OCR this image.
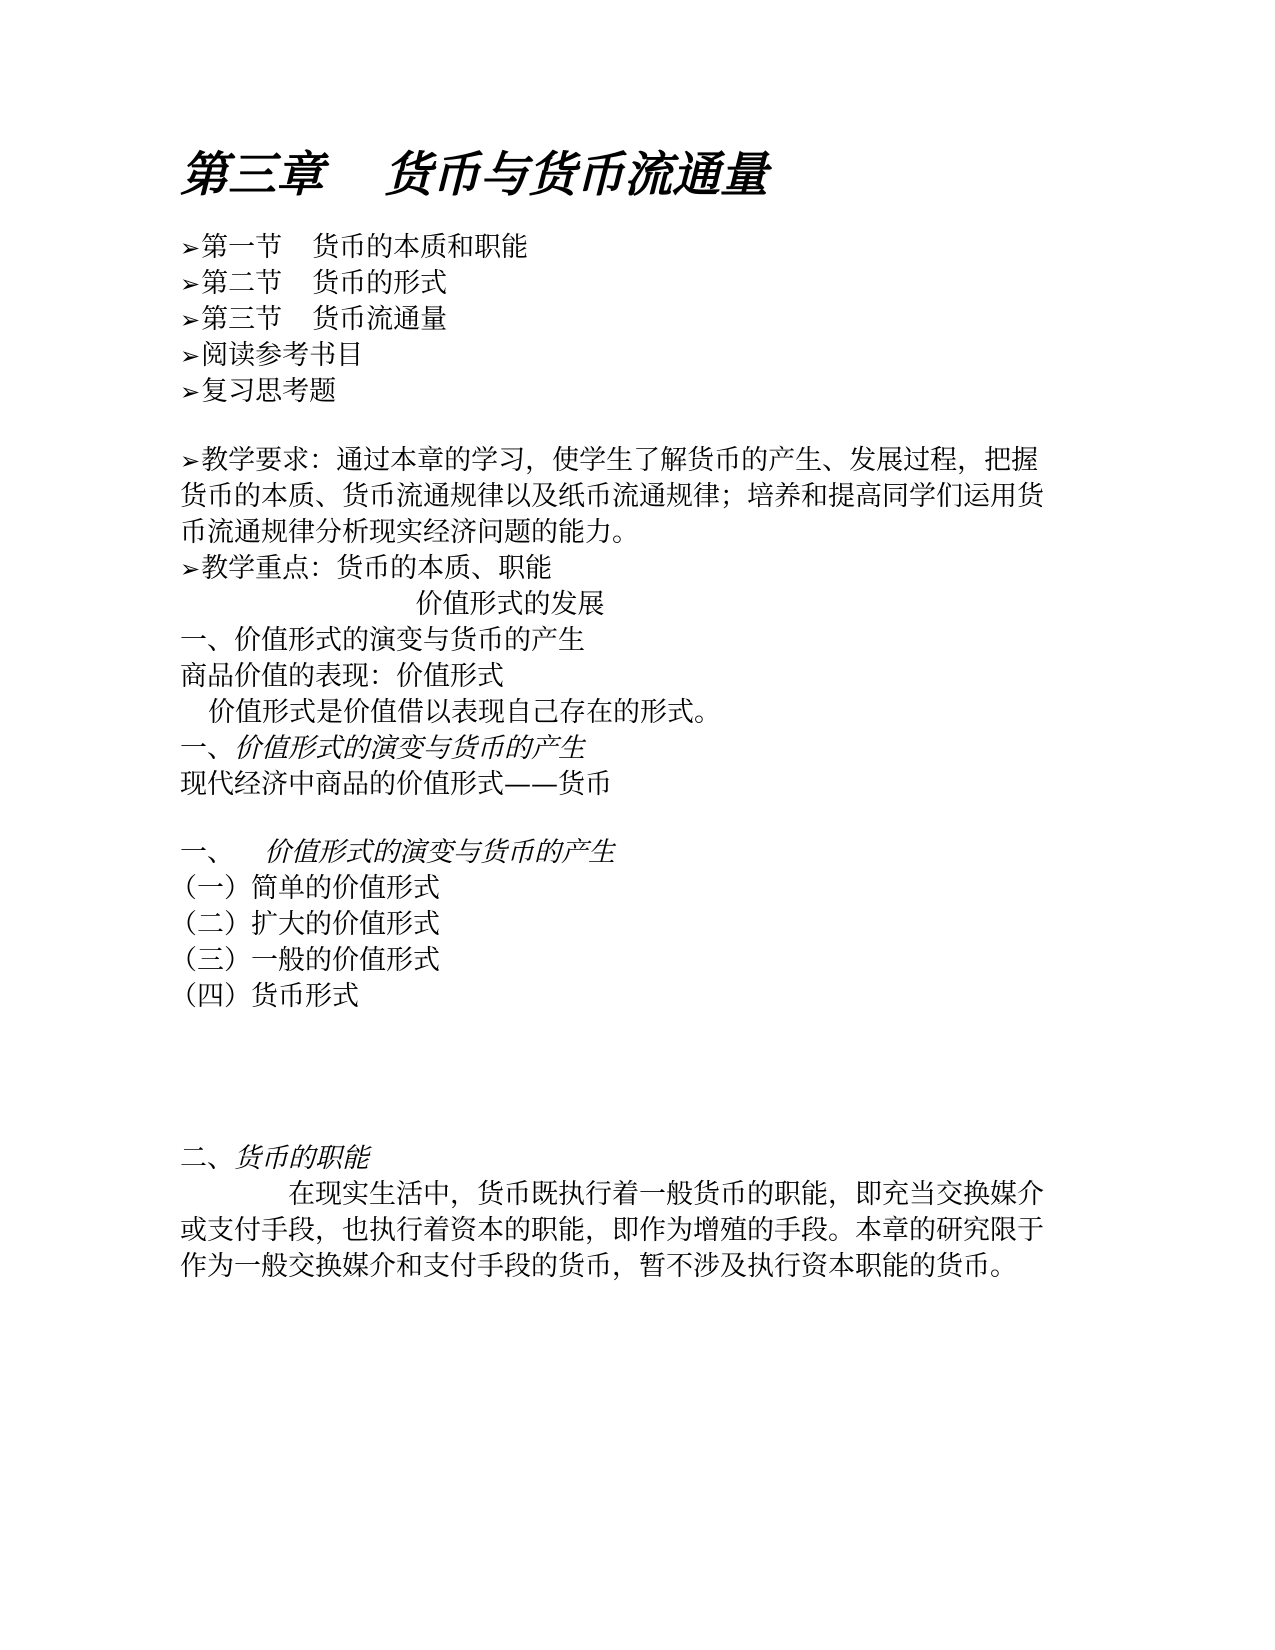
第三章 货币与货币流通量
➢第一节 货币的本质和职能
➢第二节 货币的形式
➢第三节 货币流通量
➢阅读参考书目
➢复习思考题
➢教学要求：通过本章的学习，使学生了解货币的产生、发展过程，把握货币的本质、货币流通规律以及纸币流通规律；培养和提高同学们运用货币流通规律分析现实经济问题的能力。
➢教学重点：货币的本质、职能
价值形式的发展
一、价值形式的演变与货币的产生
商品价值的表现：价值形式
价值形式是价值借以表现自己存在的形式。
一、价值形式的演变与货币的产生
现代经济中商品的价值形式——货币
一、 价值形式的演变与货币的产生
（一）简单的价值形式
（二）扩大的价值形式
（三）一般的价值形式
（四）货币形式
二、货币的职能
在现实生活中，货币既执行着一般货币的职能，即充当交换媒介或支付手段，也执行着资本的职能，即作为增殖的手段。本章的研究限于作为一般交换媒介和支付手段的货币，暂不涉及执行资本职能的货币。
